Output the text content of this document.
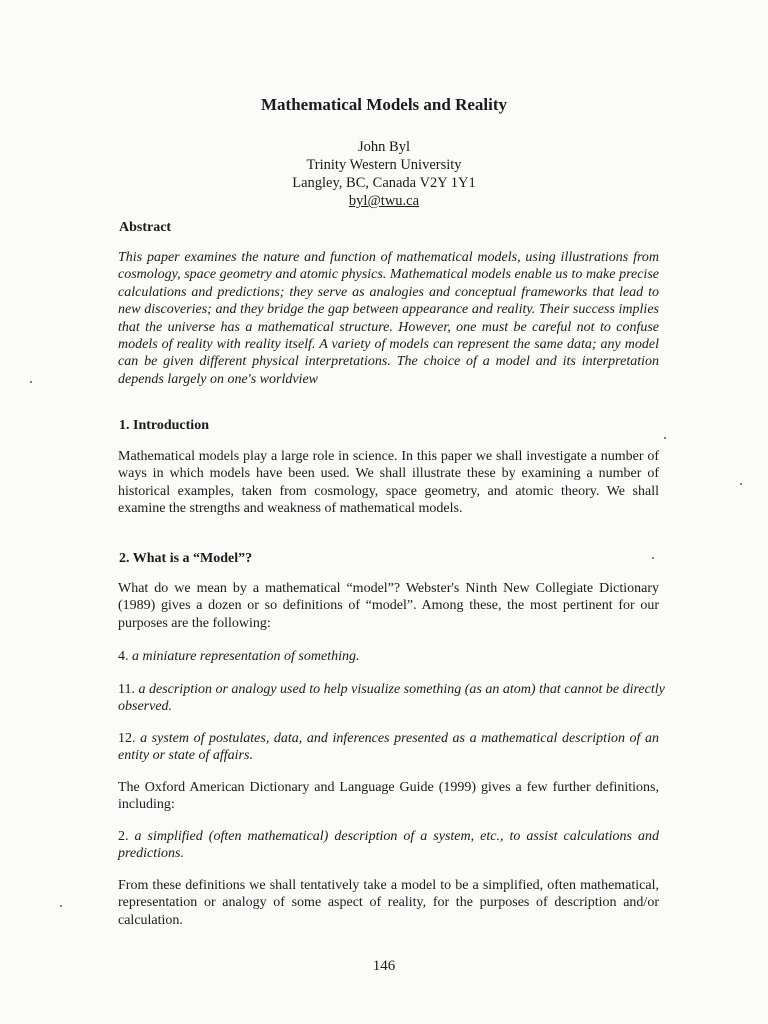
Mathematical Models and Reality
John Byl
Trinity Western University
Langley, BC, Canada V2Y 1Y1
byl@twu.ca
Abstract
This paper examines the nature and function of mathematical models, using illustrations from
cosmology, space geometry and atomic physics. Mathematical models enable us to make precise
calculations and predictions; they serve as analogies and conceptual frameworks that lead to
new discoveries; and they bridge the gap between appearance and reality. Their success implies
that the universe has a mathematical structure. However, one must be careful not to confuse
models of reality with reality itself. A variety of models can represent the same data; any model
can be given different physical interpretations. The choice of a model and its interpretation
depends largely on one's worldview
1. Introduction
Mathematical models play a large role in science. In this paper we shall investigate a number of
ways in which models have been used. We shall illustrate these by examining a number of
historical examples, taken from cosmology, space geometry, and atomic theory. We shall
examine the strengths and weakness of mathematical models.
2. What is a “Model”?
What do we mean by a mathematical “model”? Webster's Ninth New Collegiate Dictionary
(1989) gives a dozen or so definitions of “model”. Among these, the most pertinent for our
purposes are the following:
4. a miniature representation of something.
11. a description or analogy used to help visualize something (as an atom) that cannot be directly
observed.
12. a system of postulates, data, and inferences presented as a mathematical description of an
entity or state of affairs.
The Oxford American Dictionary and Language Guide (1999) gives a few further definitions,
including:
2. a simplified (often mathematical) description of a system, etc., to assist calculations and
predictions.
From these definitions we shall tentatively take a model to be a simplified, often mathematical,
representation or analogy of some aspect of reality, for the purposes of description and/or
calculation.
146
